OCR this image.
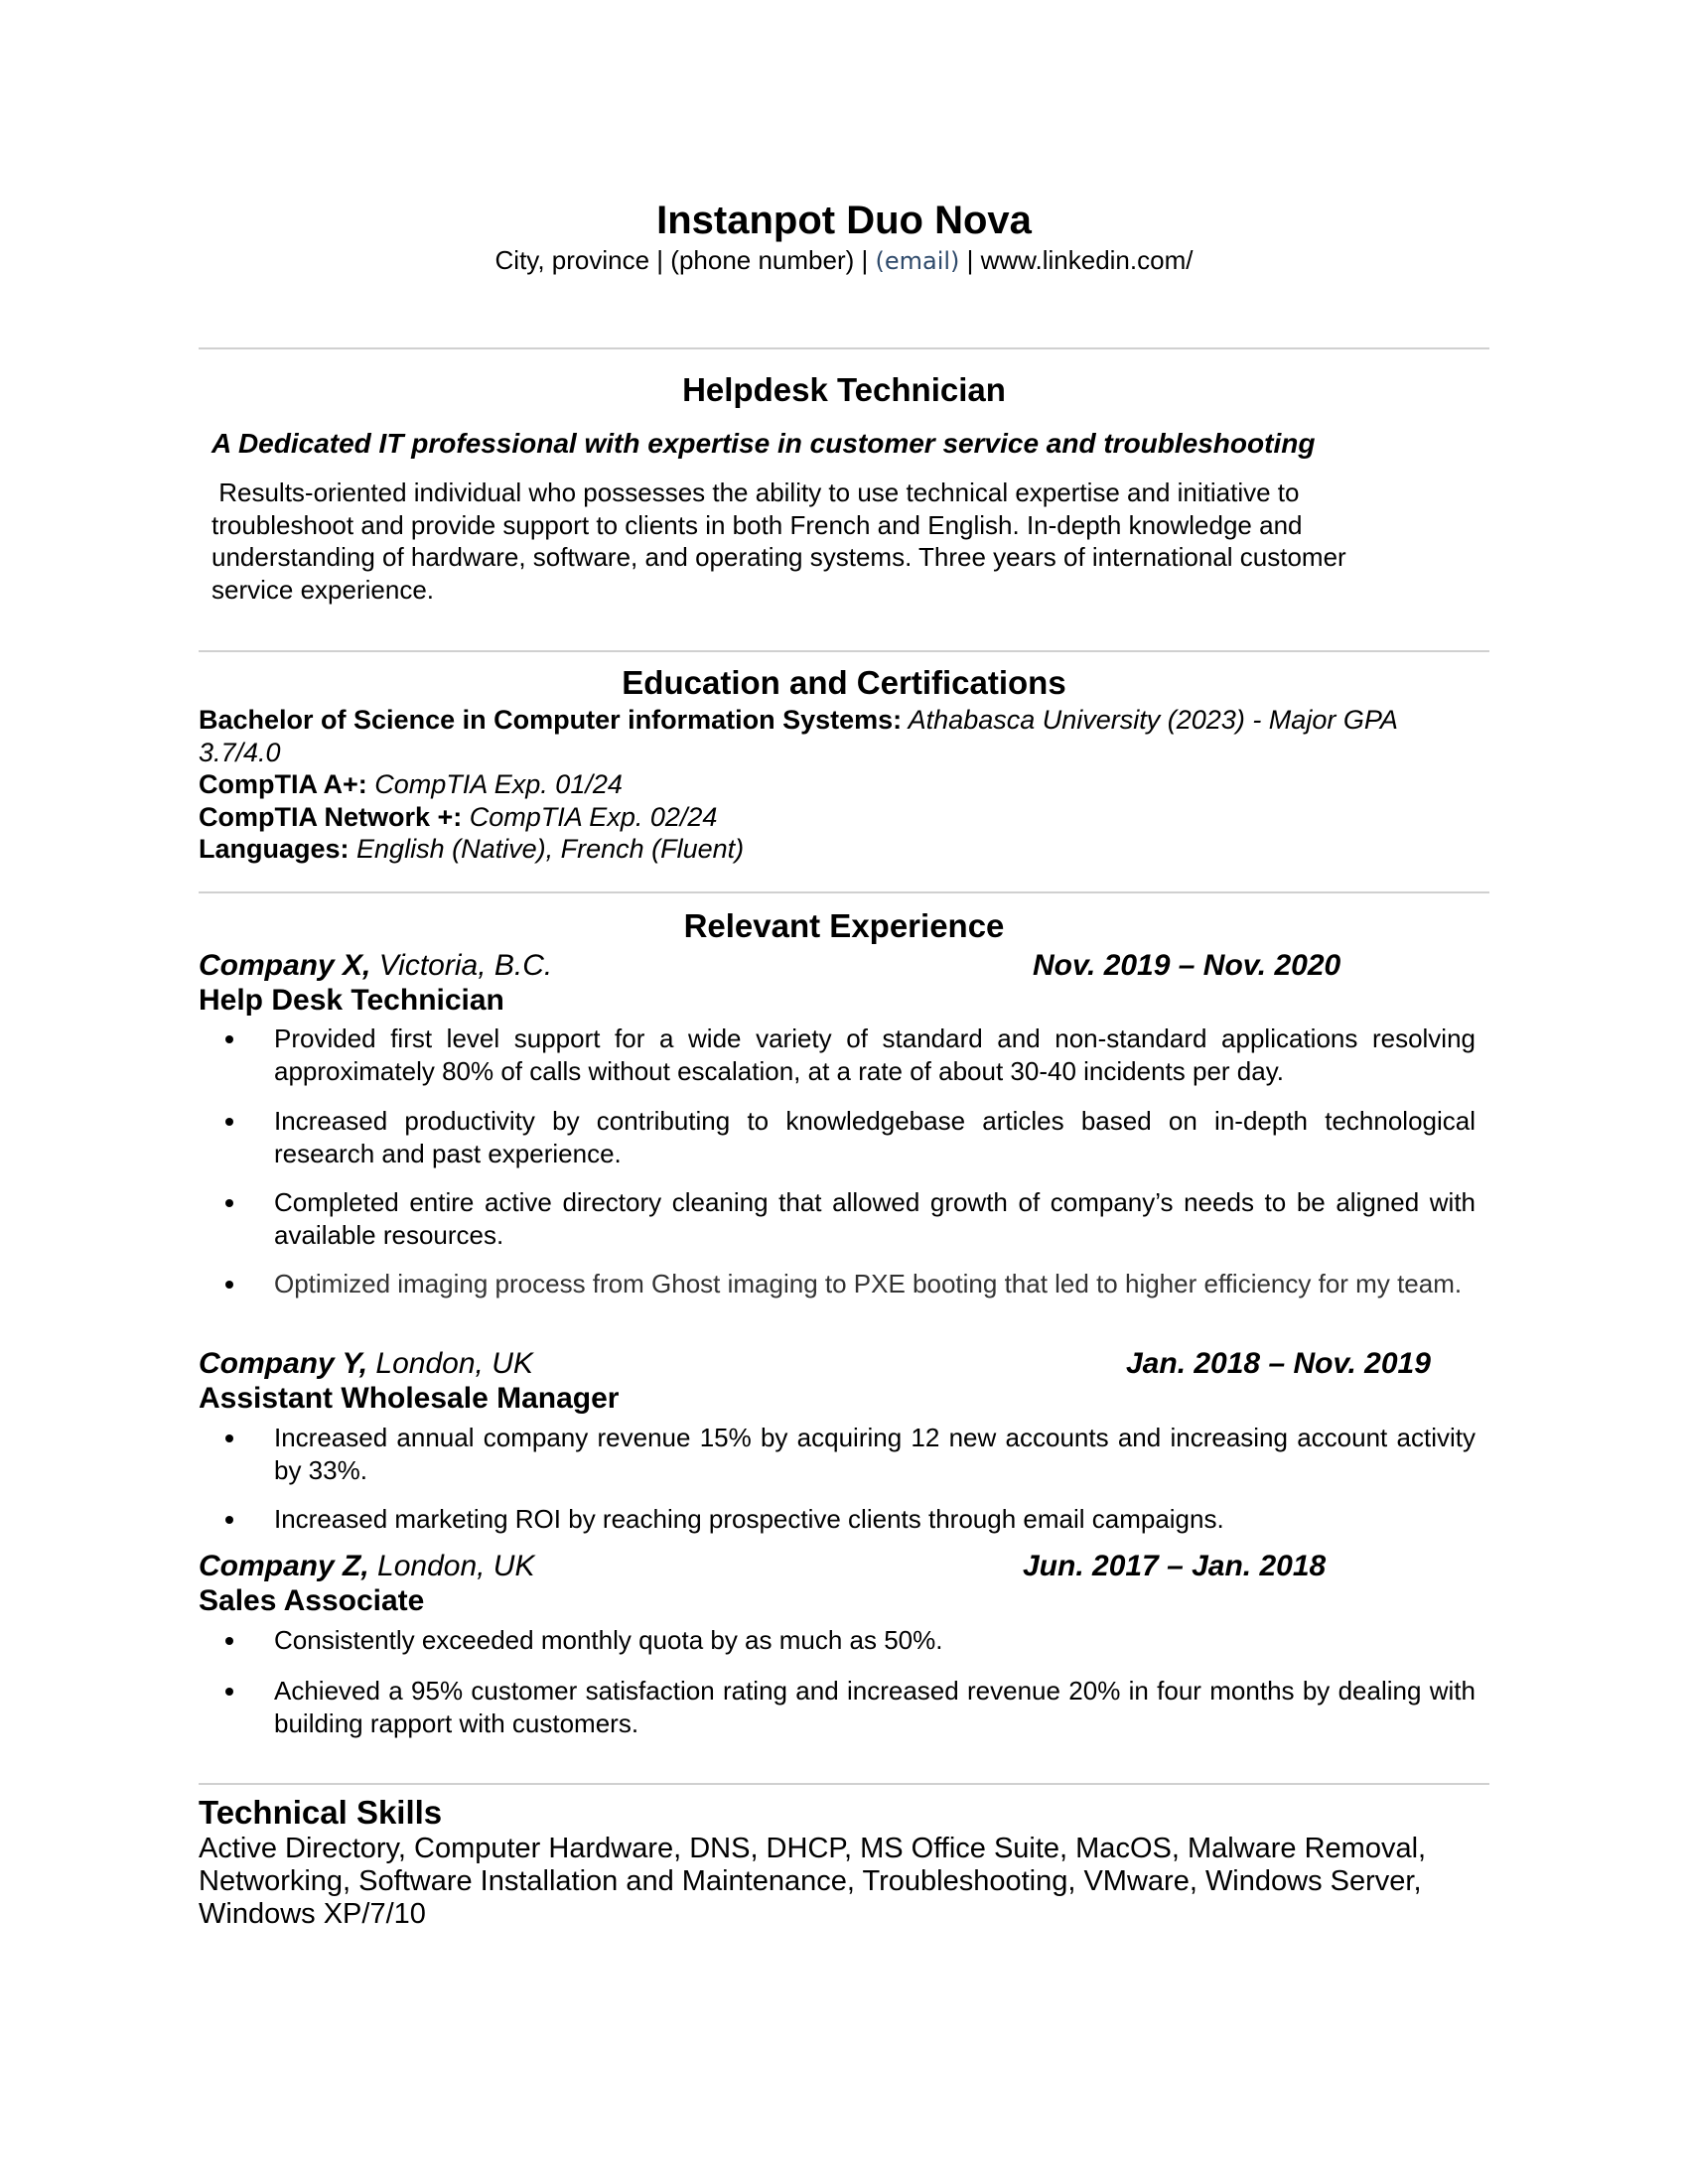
Instanpot Duo Nova
City, province | (phone number) | (email) | www.linkedin.com/
Helpdesk Technician
A Dedicated IT professional with expertise in customer service and troubleshooting
Results-oriented individual who possesses the ability to use technical expertise and initiative to
troubleshoot and provide support to clients in both French and English. In-depth knowledge and
understanding of hardware, software, and operating systems. Three years of international customer
service experience.
Education and Certifications
Bachelor of Science in Computer information Systems: Athabasca University (2023) - Major GPA
3.7/4.0
CompTIA A+: CompTIA Exp. 01/24
CompTIA Network +: CompTIA Exp. 02/24
Languages: English (Native), French (Fluent)
Relevant Experience
Company X, Victoria, B.C.	Nov. 2019 – Nov. 2020
Help Desk Technician
Provided first level support for a wide variety of standard and non-standard applications resolving approximately 80% of calls without escalation, at a rate of about 30-40 incidents per day.
Increased productivity by contributing to knowledgebase articles based on in-depth technological research and past experience.
Completed entire active directory cleaning that allowed growth of company’s needs to be aligned with available resources.
Optimized imaging process from Ghost imaging to PXE booting that led to higher efficiency for my team.
Company Y, London, UK	Jan. 2018 – Nov. 2019
Assistant Wholesale Manager
Increased annual company revenue 15% by acquiring 12 new accounts and increasing account activity by 33%.
Increased marketing ROI by reaching prospective clients through email campaigns.
Company Z, London, UK	Jun. 2017 – Jan. 2018
Sales Associate
Consistently exceeded monthly quota by as much as 50%.
Achieved a 95% customer satisfaction rating and increased revenue 20% in four months by dealing with building rapport with customers.
Technical Skills
Active Directory, Computer Hardware, DNS, DHCP, MS Office Suite, MacOS, Malware Removal,
Networking, Software Installation and Maintenance, Troubleshooting, VMware, Windows Server,
Windows XP/7/10
